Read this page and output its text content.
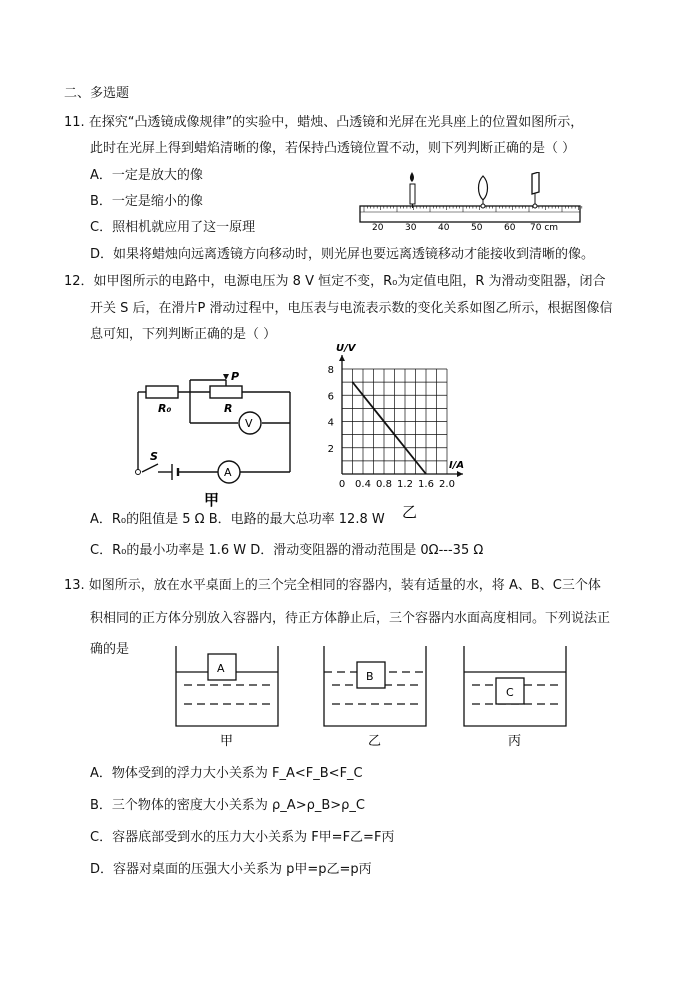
二、多选题
11. 在探究“凸透镜成像规律”的实验中，蜡烛、凸透镜和光屏在光具座上的位置如图所示，
此时在光屏上得到蜡焰清晰的像，若保持凸透镜位置不动，则下列判断正确的是（ ）
A．一定是放大的像
B．一定是缩小的像
C．照相机就应用了这一原理
D．如果将蜡烛向远离透镜方向移动时，则光屏也要远离透镜移动才能接收到清晰的像。
20 30 40 50 60 70 cm
12．如甲图所示的电路中，电源电压为 8 V 恒定不变，R₀为定值电阻，R 为滑动变阻器，闭合
开关 S 后，在滑片P 滑动过程中，电压表与电流表示数的变化关系如图乙所示，根据图像信
息可知，下列判断正确的是（ ）
R₀	R
P
V
A
S
甲
U/V
I/A
0 0.4 0.8 1.2 1.6 2.0
2
4
6
8
乙
A．R₀的阻值是 5 Ω B．电路的最大总功率 12.8 W
C．R₀的最小功率是 1.6 W D．滑动变阻器的滑动范围是 0Ω---35 Ω
13. 如图所示，放在水平桌面上的三个完全相同的容器内，装有适量的水，将 A、B、C三个体
积相同的正方体分别放入容器内，待正方体静止后，三个容器内水面高度相同。下列说法正
确的是
A
B
C
甲	乙	丙
A．物体受到的浮力大小关系为 F_A<F_B<F_C
B．三个物体的密度大小关系为 ρ_A>ρ_B>ρ_C
C．容器底部受到水的压力大小关系为 F甲=F乙=F丙
D．容器对桌面的压强大小关系为 p甲=p乙=p丙
